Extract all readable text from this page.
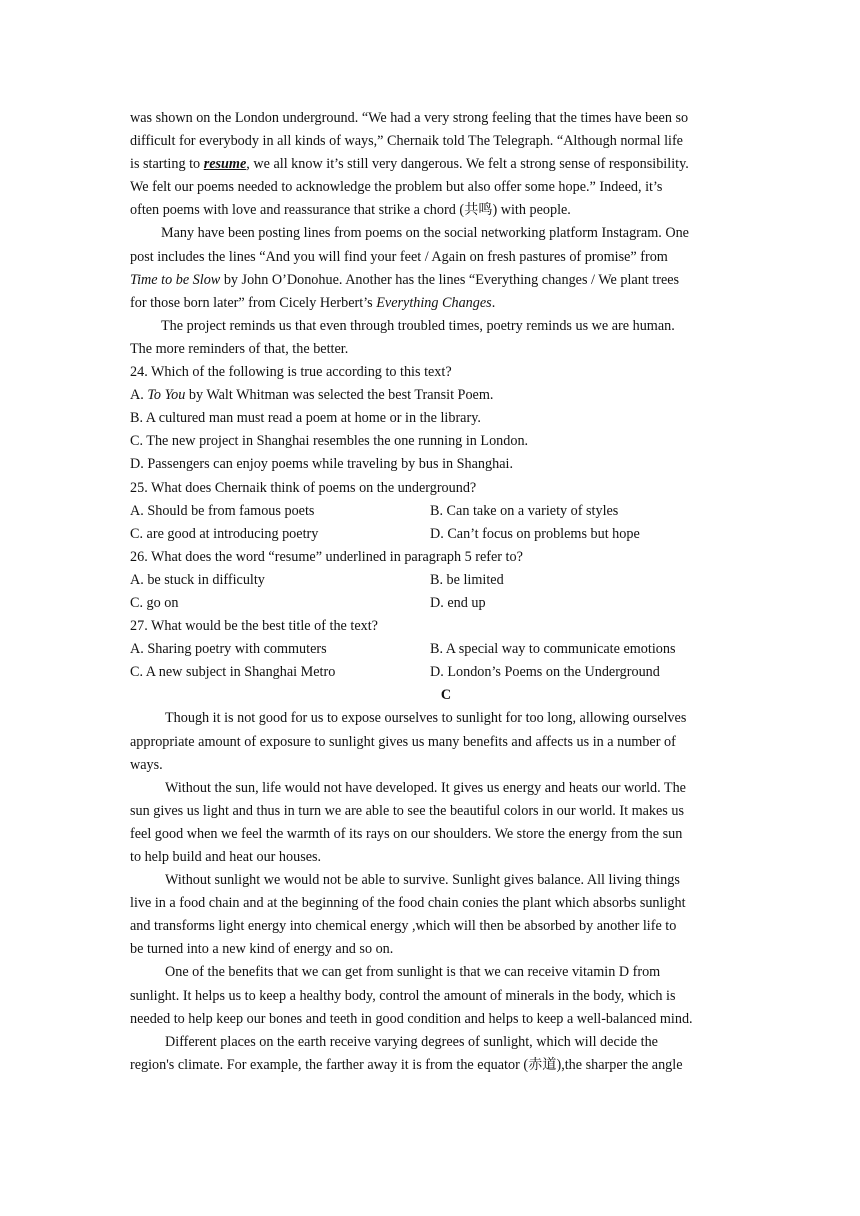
was shown on the London underground. “We had a very strong feeling that the times have been so
difficult for everybody in all kinds of ways,” Chernaik told The Telegraph. “Although normal life
is starting to resume, we all know it’s still very dangerous. We felt a strong sense of responsibility.
We felt our poems needed to acknowledge the problem but also offer some hope.” Indeed, it’s
often poems with love and reassurance that strike a chord (共鸣) with people.
Many have been posting lines from poems on the social networking platform Instagram. One
post includes the lines “And you will find your feet / Again on fresh pastures of promise” from
Time to be Slow by John O’Donohue. Another has the lines “Everything changes / We plant trees
for those born later” from Cicely Herbert’s Everything Changes.
The project reminds us that even through troubled times, poetry reminds us we are human.
The more reminders of that, the better.
24. Which of the following is true according to this text?
A. To You by Walt Whitman was selected the best Transit Poem.
B. A cultured man must read a poem at home or in the library.
C. The new project in Shanghai resembles the one running in London.
D. Passengers can enjoy poems while traveling by bus in Shanghai.
25. What does Chernaik think of poems on the underground?
A. Should be from famous poets	B. Can take on a variety of styles
C. are good at introducing poetry	D. Can’t focus on problems but hope
26. What does the word “resume” underlined in paragraph 5 refer to?
A. be stuck in difficulty	B. be limited
C. go on	D. end up
27. What would be the best title of the text?
A. Sharing poetry with commuters	B. A special way to communicate emotions
C. A new subject in Shanghai Metro	D. London’s Poems on the Underground
C
Though it is not good for us to expose ourselves to sunlight for too long, allowing ourselves
appropriate amount of exposure to sunlight gives us many benefits and affects us in a number of
ways.
Without the sun, life would not have developed. It gives us energy and heats our world. The
sun gives us light and thus in turn we are able to see the beautiful colors in our world. It makes us
feel good when we feel the warmth of its rays on our shoulders. We store the energy from the sun
to help build and heat our houses.
Without sunlight we would not be able to survive. Sunlight gives balance. All living things
live in a food chain and at the beginning of the food chain conies the plant which absorbs sunlight
and transforms light energy into chemical energy ,which will then be absorbed by another life to
be turned into a new kind of energy and so on.
One of the benefits that we can get from sunlight is that we can receive vitamin D from
sunlight. It helps us to keep a healthy body, control the amount of minerals in the body, which is
needed to help keep our bones and teeth in good condition and helps to keep a well-balanced mind.
Different places on the earth receive varying degrees of sunlight, which will decide the
region's climate. For example, the farther away it is from the equator (赤道),the sharper the angle
